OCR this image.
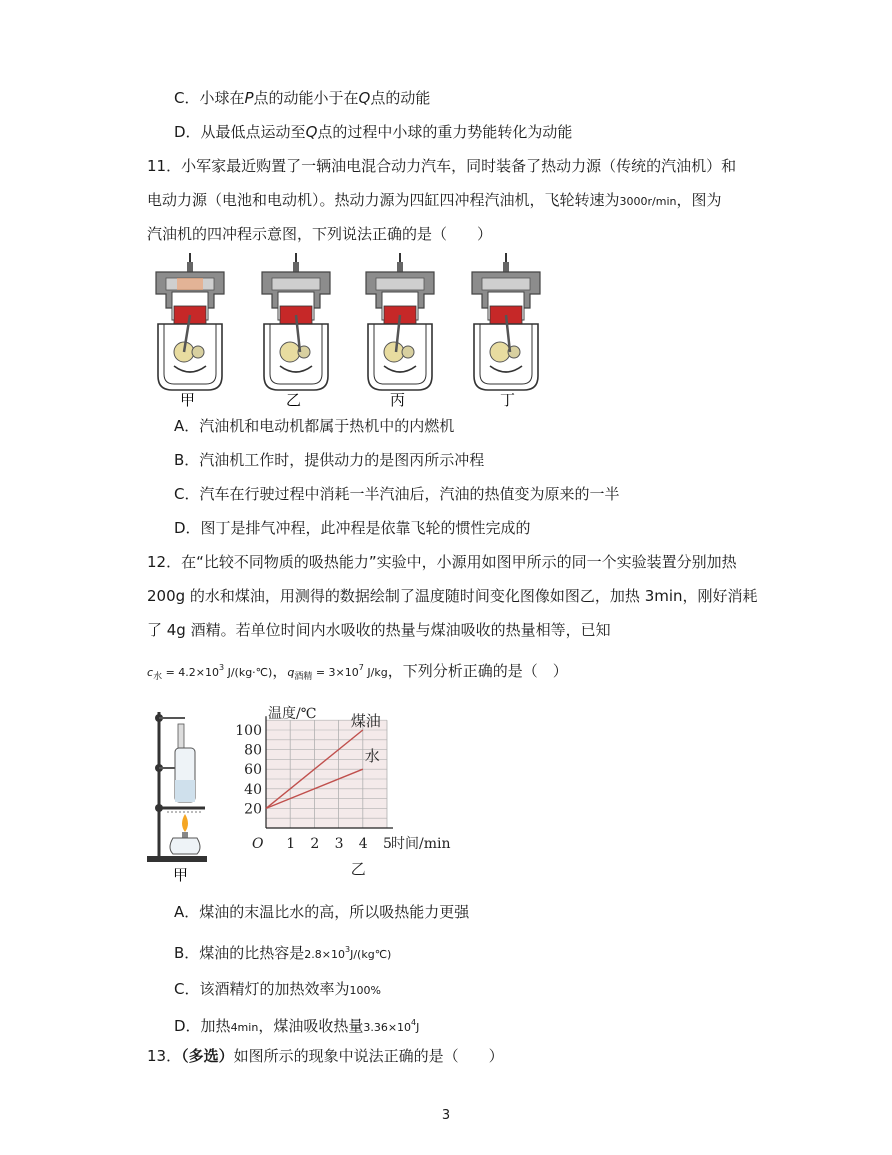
C．小球在P点的动能小于在Q点的动能
D．从最低点运动至Q点的过程中小球的重力势能转化为动能
11．小军家最近购置了一辆油电混合动力汽车，同时装备了热动力源（传统的汽油机）和
电动力源（电池和电动机）。热动力源为四缸四冲程汽油机，飞轮转速为3000r/min，图为
汽油机的四冲程示意图，下列说法正确的是（　　）
甲	乙	丙	丁
A．汽油机和电动机都属于热机中的内燃机
B．汽油机工作时，提供动力的是图丙所示冲程
C．汽车在行驶过程中消耗一半汽油后，汽油的热值变为原来的一半
D．图丁是排气冲程，此冲程是依靠飞轮的惯性完成的
12．在“比较不同物质的吸热能力”实验中，小源用如图甲所示的同一个实验装置分别加热
200g 的水和煤油，用测得的数据绘制了温度随时间变化图像如图乙，加热 3min，刚好消耗
了 4g 酒精。若单位时间内水吸收的热量与煤油吸收的热量相等，已知
$c_水 = 4.2\times 10^3$ J/(kg·℃)，$q_{酒精} = 3\times 10^7$ J/kg，下列分析正确的是（　）
甲
煤油
水
1 2 3 4 5
20
40
60
80
100
O	时间/min
温度/℃
乙
A．煤油的末温比水的高，所以吸热能力更强
B．煤油的比热容是$2.8\times 10^3J/(kg℃)$
C．该酒精灯的加热效率为100%
D．加热4min，煤油吸收热量$3.36\times 10^4J$
13．（多选）如图所示的现象中说法正确的是（　　）
3
